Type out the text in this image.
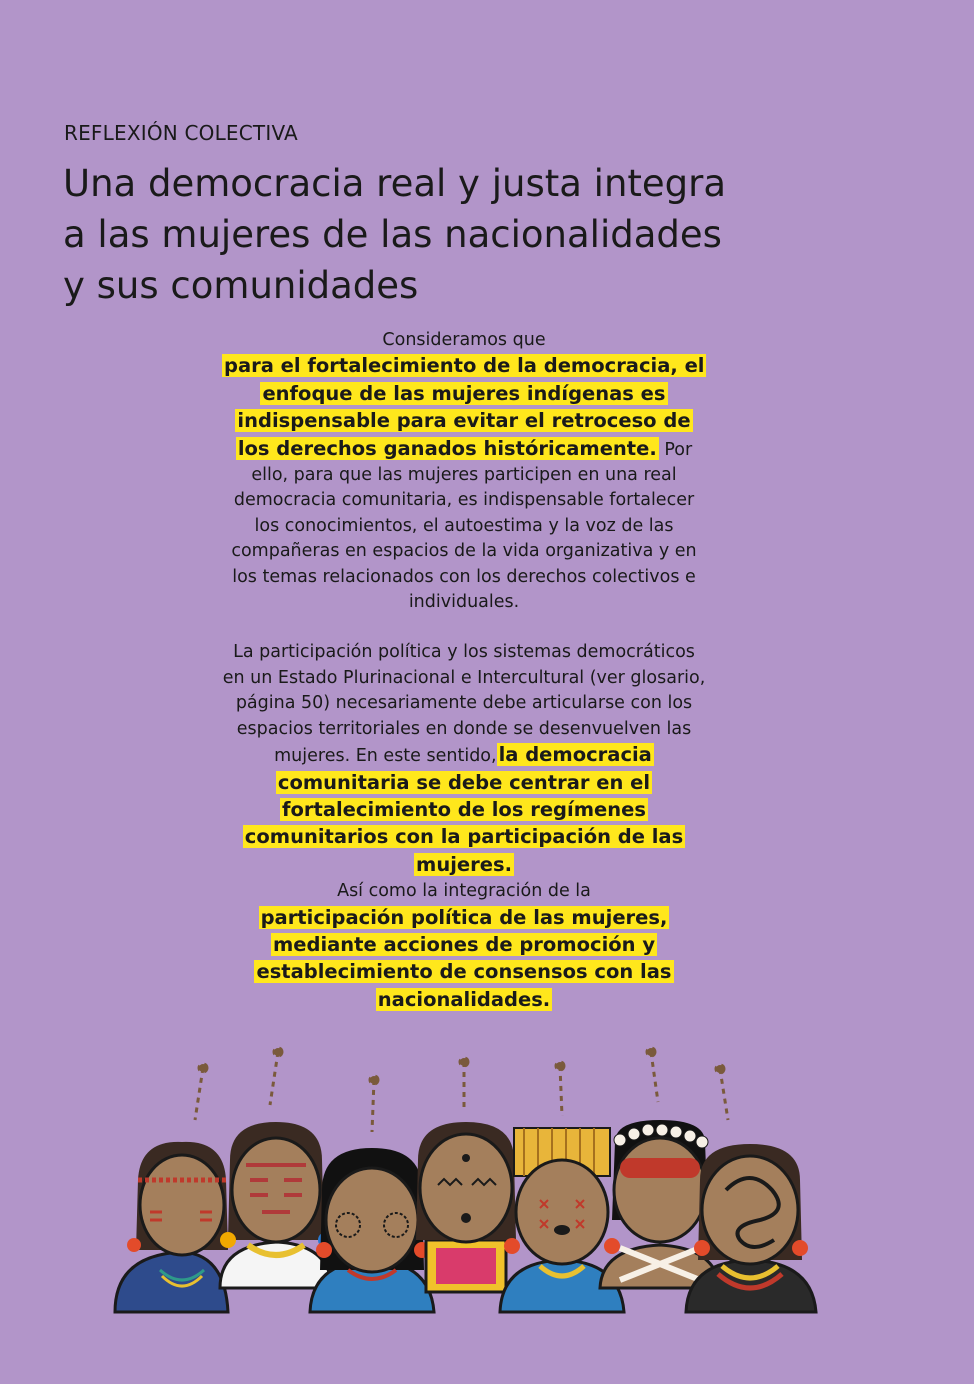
REFLEXIÓN COLECTIVA
Una democracia real y justa integra
a las mujeres de las nacionalidades
y sus comunidades

Consideramos que
para el fortalecimiento de la democracia, el enfoque de las mujeres indígenas es indispensable para evitar el retroceso de los derechos ganados históricamente. Por ello, para que las mujeres participen en una real democracia comunitaria, es indispensable fortalecer los conocimientos, el autoestima y la voz de las compañeras en espacios de la vida organizativa y en los temas relacionados con los derechos colectivos e individuales.

La participación política y los sistemas democráticos en un Estado Plurinacional e Intercultural (ver glosario, página 50) necesariamente debe articularse con los espacios territoriales en donde se desenvuelven las mujeres. En este sentido, la democracia comunitaria se debe centrar en el fortalecimiento de los regímenes comunitarios con la participación de las mujeres.

Así como la integración de la
participación política de las mujeres, mediante acciones de promoción y establecimiento de consensos con las nacionalidades.
